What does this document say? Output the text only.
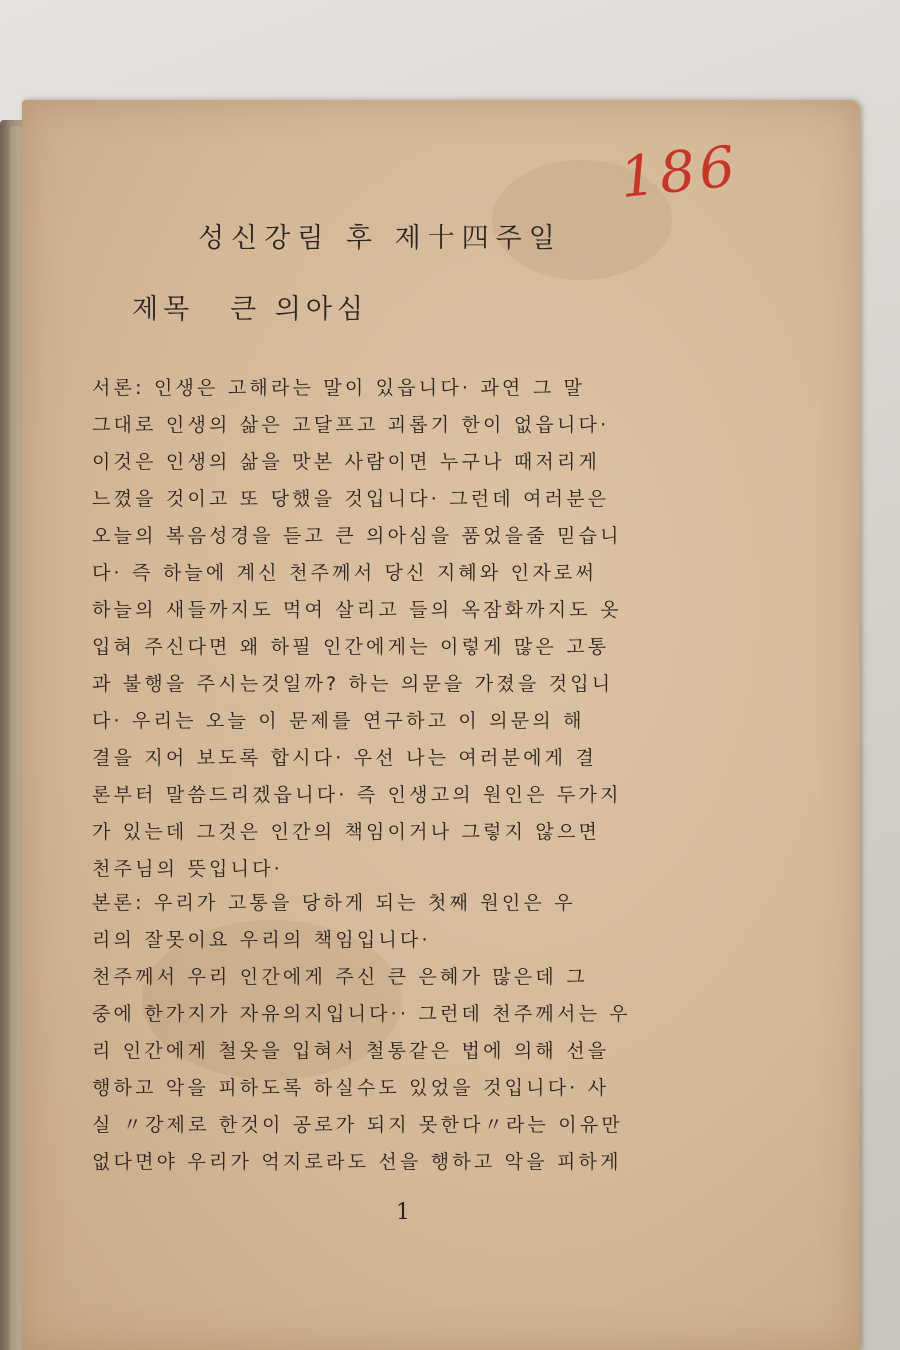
186
성신강림 후 제十四주일
제목 큰 의아심
서론: 인생은 고해라는 말이 있읍니다· 과연 그 말
그대로 인생의 삶은 고달프고 괴롭기 한이 없읍니다·
이것은 인생의 삶을 맛본 사람이면 누구나 때저리게
느꼈을 것이고 또 당했을 것입니다· 그런데 여러분은
오늘의 복음성경을 듣고 큰 의아심을 품었을줄 믿습니
다· 즉 하늘에 계신 천주께서 당신 지혜와 인자로써
하늘의 새들까지도 먹여 살리고 들의 옥잠화까지도 옷
입혀 주신다면 왜 하필 인간에게는 이렇게 많은 고통
과 불행을 주시는것일까? 하는 의문을 가졌을 것입니
다· 우리는 오늘 이 문제를 연구하고 이 의문의 해
결을 지어 보도록 합시다· 우선 나는 여러분에게 결
론부터 말씀드리겠읍니다· 즉 인생고의 원인은 두가지
가 있는데 그것은 인간의 책임이거나 그렇지 않으면
천주님의 뜻입니다·
본론: 우리가 고통을 당하게 되는 첫째 원인은 우
리의 잘못이요 우리의 책임입니다·
천주께서 우리 인간에게 주신 큰 은혜가 많은데 그
중에 한가지가 자유의지입니다·· 그런데 천주께서는 우
리 인간에게 철옷을 입혀서 철통같은 법에 의해 선을
행하고 악을 피하도록 하실수도 있었을 것입니다· 사
실 〃강제로 한것이 공로가 되지 못한다〃라는 이유만
없다면야 우리가 억지로라도 선을 행하고 악을 피하게
1
